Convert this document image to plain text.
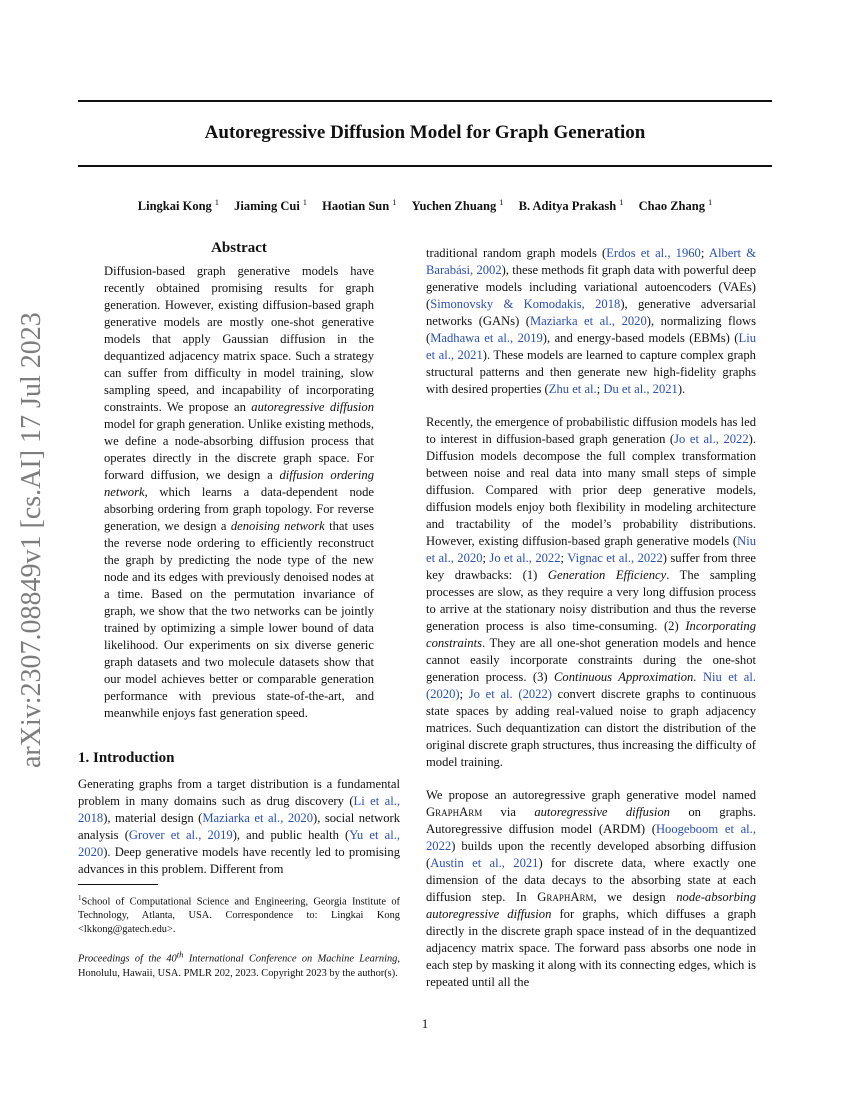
Autoregressive Diffusion Model for Graph Generation
Lingkai Kong $^1$ Jiaming Cui $^1$ Haotian Sun $^1$ Yuchen Zhuang $^1$ B. Aditya Prakash $^1$ Chao Zhang $^1$
arXiv:2307.08849v1 [cs.AI] 17 Jul 2023
Abstract

Diffusion-based graph generative models have recently obtained promising results for graph generation. However, existing diffusion-based graph generative models are mostly one-shot generative models that apply Gaussian diffusion in the dequantized adjacency matrix space. Such a strategy can suffer from difficulty in model training, slow sampling speed, and incapability of incorporating constraints. We propose an autoregressive diffusion model for graph generation. Unlike existing methods, we define a node-absorbing diffusion process that operates directly in the discrete graph space. For forward diffusion, we design a diffusion ordering network, which learns a data-dependent node absorbing ordering from graph topology. For reverse generation, we design a denoising network that uses the reverse node ordering to efficiently reconstruct the graph by predicting the node type of the new node and its edges with previously denoised nodes at a time. Based on the permutation invariance of graph, we show that the two networks can be jointly trained by optimizing a simple lower bound of data likelihood. Our experiments on six diverse generic graph datasets and two molecule datasets show that our model achieves better or comparable generation performance with previous state-of-the-art, and meanwhile enjoys fast generation speed.

1. Introduction

Generating graphs from a target distribution is a fundamental problem in many domains such as drug discovery (Li et al., 2018), material design (Maziarka et al., 2020), social network analysis (Grover et al., 2019), and public health (Yu et al., 2020). Deep generative models have recently led to promising advances in this problem. Different from

$^1$School of Computational Science and Engineering, Georgia Institute of Technology, Atlanta, USA. Correspondence to: Lingkai Kong <lkkong@gatech.edu>.

Proceedings of the 40th International Conference on Machine Learning, Honolulu, Hawaii, USA. PMLR 202, 2023. Copyright 2023 by the author(s).

traditional random graph models (Erdos et al., 1960; Albert & Barabási, 2002), these methods fit graph data with powerful deep generative models including variational autoencoders (VAEs) (Simonovsky & Komodakis, 2018), generative adversarial networks (GANs) (Maziarka et al., 2020), normalizing flows (Madhawa et al., 2019), and energy-based models (EBMs) (Liu et al., 2021). These models are learned to capture complex graph structural patterns and then generate new high-fidelity graphs with desired properties (Zhu et al.; Du et al., 2021).

Recently, the emergence of probabilistic diffusion models has led to interest in diffusion-based graph generation (Jo et al., 2022). Diffusion models decompose the full complex transformation between noise and real data into many small steps of simple diffusion. Compared with prior deep generative models, diffusion models enjoy both flexibility in modeling architecture and tractability of the model’s probability distributions. However, existing diffusion-based graph generative models (Niu et al., 2020; Jo et al., 2022; Vignac et al., 2022) suffer from three key drawbacks: (1) Generation Efficiency. The sampling processes are slow, as they require a very long diffusion process to arrive at the stationary noisy distribution and thus the reverse generation process is also time-consuming. (2) Incorporating constraints. They are all one-shot generation models and hence cannot easily incorporate constraints during the one-shot generation process. (3) Continuous Approximation. Niu et al. (2020); Jo et al. (2022) convert discrete graphs to continuous state spaces by adding real-valued noise to graph adjacency matrices. Such dequantization can distort the distribution of the original discrete graph structures, thus increasing the difficulty of model training.

We propose an autoregressive graph generative model named GraphArm via autoregressive diffusion on graphs. Autoregressive diffusion model (ARDM) (Hoogeboom et al., 2022) builds upon the recently developed absorbing diffusion (Austin et al., 2021) for discrete data, where exactly one dimension of the data decays to the absorbing state at each diffusion step. In GraphArm, we design node-absorbing autoregressive diffusion for graphs, which diffuses a graph directly in the discrete graph space instead of in the dequantized adjacency matrix space. The forward pass absorbs one node in each step by masking it along with its connecting edges, which is repeated until all the

1
